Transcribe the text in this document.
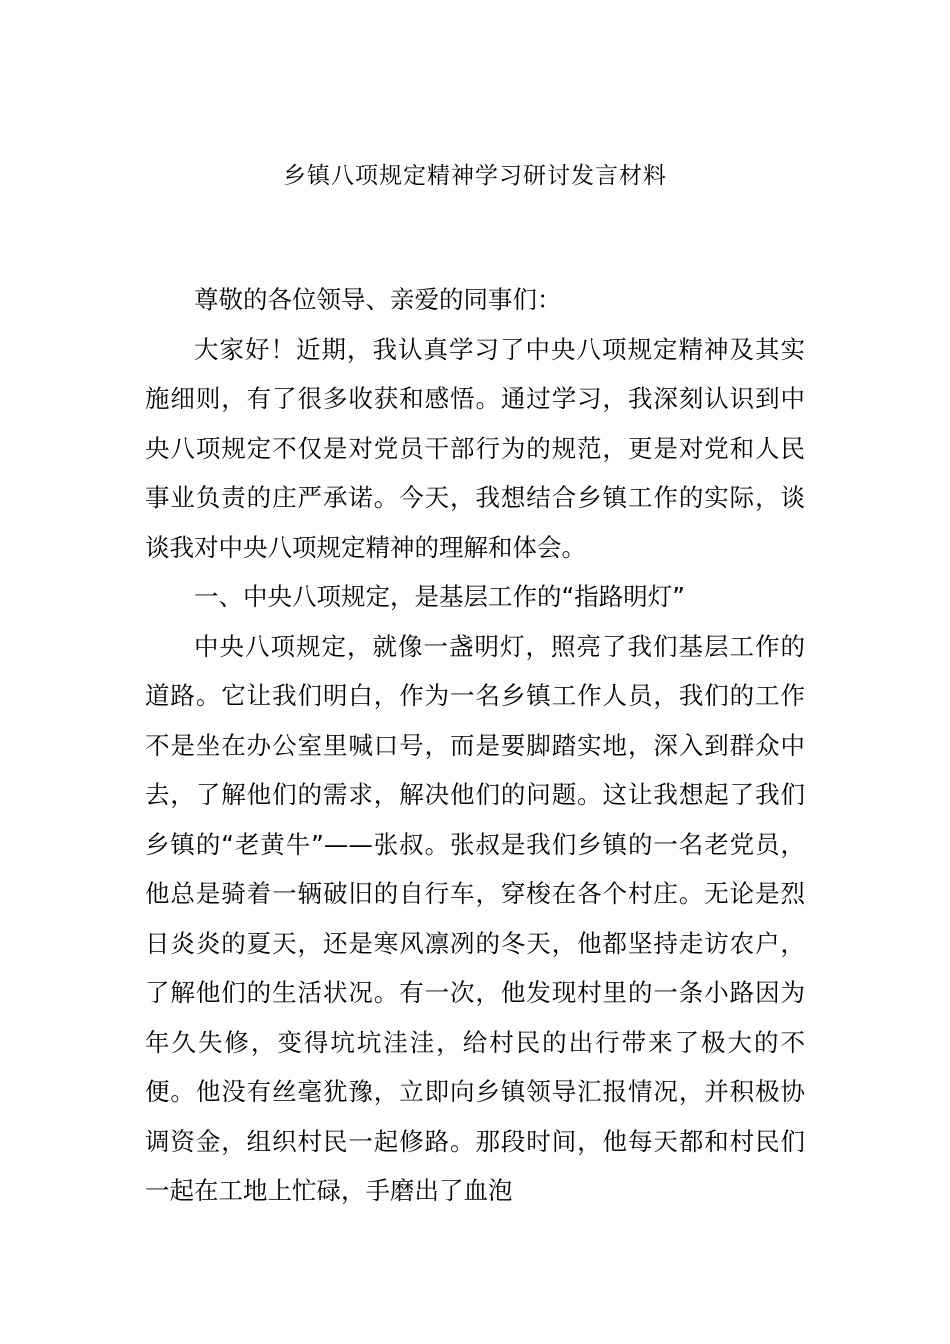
乡镇八项规定精神学习研讨发言材料

尊敬的各位领导、亲爱的同事们：

大家好！近期，我认真学习了中央八项规定精神及其实施细则，有了很多收获和感悟。通过学习，我深刻认识到中央八项规定不仅是对党员干部行为的规范，更是对党和人民事业负责的庄严承诺。今天，我想结合乡镇工作的实际，谈谈我对中央八项规定精神的理解和体会。

一、中央八项规定，是基层工作的“指路明灯”

中央八项规定，就像一盏明灯，照亮了我们基层工作的道路。它让我们明白，作为一名乡镇工作人员，我们的工作不是坐在办公室里喊口号，而是要脚踏实地，深入到群众中去，了解他们的需求，解决他们的问题。这让我想起了我们乡镇的“老黄牛”——张叔。张叔是我们乡镇的一名老党员，他总是骑着一辆破旧的自行车，穿梭在各个村庄。无论是烈日炎炎的夏天，还是寒风凛冽的冬天，他都坚持走访农户，了解他们的生活状况。有一次，他发现村里的一条小路因为年久失修，变得坑坑洼洼，给村民的出行带来了极大的不便。他没有丝毫犹豫，立即向乡镇领导汇报情况，并积极协调资金，组织村民一起修路。那段时间，他每天都和村民们一起在工地上忙碌，手磨出了血泡
